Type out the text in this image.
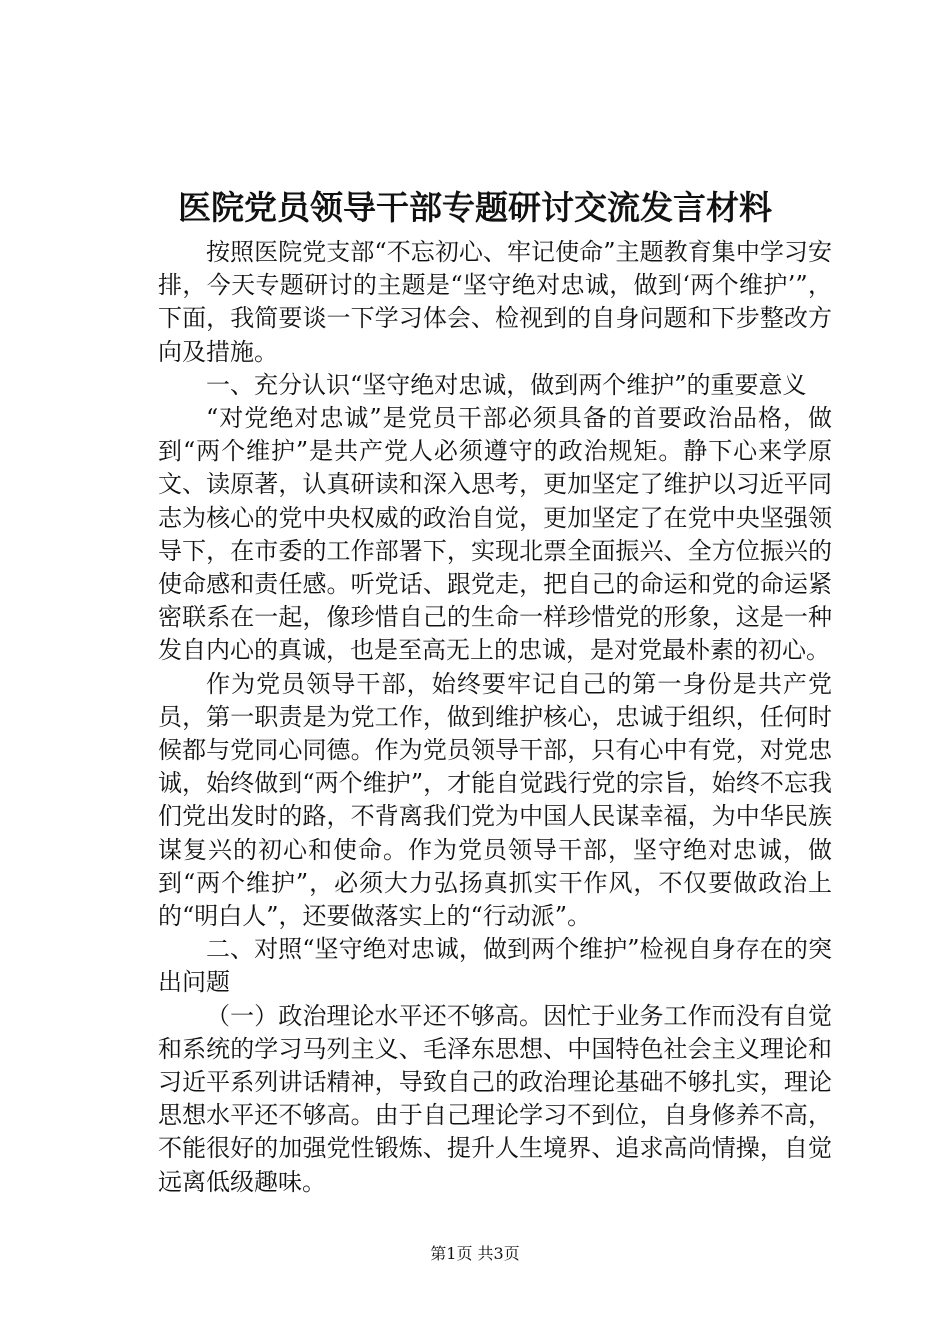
医院党员领导干部专题研讨交流发言材料

按照医院党支部“不忘初心、牢记使命”主题教育集中学习安排，今天专题研讨的主题是“坚守绝对忠诚，做到‘两个维护’”，下面，我简要谈一下学习体会、检视到的自身问题和下步整改方向及措施。

一、充分认识“坚守绝对忠诚，做到两个维护”的重要意义

“对党绝对忠诚”是党员干部必须具备的首要政治品格，做到“两个维护”是共产党人必须遵守的政治规矩。静下心来学原文、读原著，认真研读和深入思考，更加坚定了维护以习近平同志为核心的党中央权威的政治自觉，更加坚定了在党中央坚强领导下，在市委的工作部署下，实现北票全面振兴、全方位振兴的使命感和责任感。听党话、跟党走，把自己的命运和党的命运紧密联系在一起，像珍惜自己的生命一样珍惜党的形象，这是一种发自内心的真诚，也是至高无上的忠诚，是对党最朴素的初心。

作为党员领导干部，始终要牢记自己的第一身份是共产党员，第一职责是为党工作，做到维护核心，忠诚于组织，任何时候都与党同心同德。作为党员领导干部，只有心中有党，对党忠诚，始终做到“两个维护”，才能自觉践行党的宗旨，始终不忘我们党出发时的路，不背离我们党为中国人民谋幸福，为中华民族谋复兴的初心和使命。作为党员领导干部，坚守绝对忠诚，做到“两个维护”，必须大力弘扬真抓实干作风，不仅要做政治上的“明白人”，还要做落实上的“行动派”。

二、对照“坚守绝对忠诚，做到两个维护”检视自身存在的突出问题

（一）政治理论水平还不够高。因忙于业务工作而没有自觉和系统的学习马列主义、毛泽东思想、中国特色社会主义理论和习近平系列讲话精神，导致自己的政治理论基础不够扎实，理论思想水平还不够高。由于自己理论学习不到位，自身修养不高，不能很好的加强党性锻炼、提升人生境界、追求高尚情操，自觉远离低级趣味。

第1页 共3页
